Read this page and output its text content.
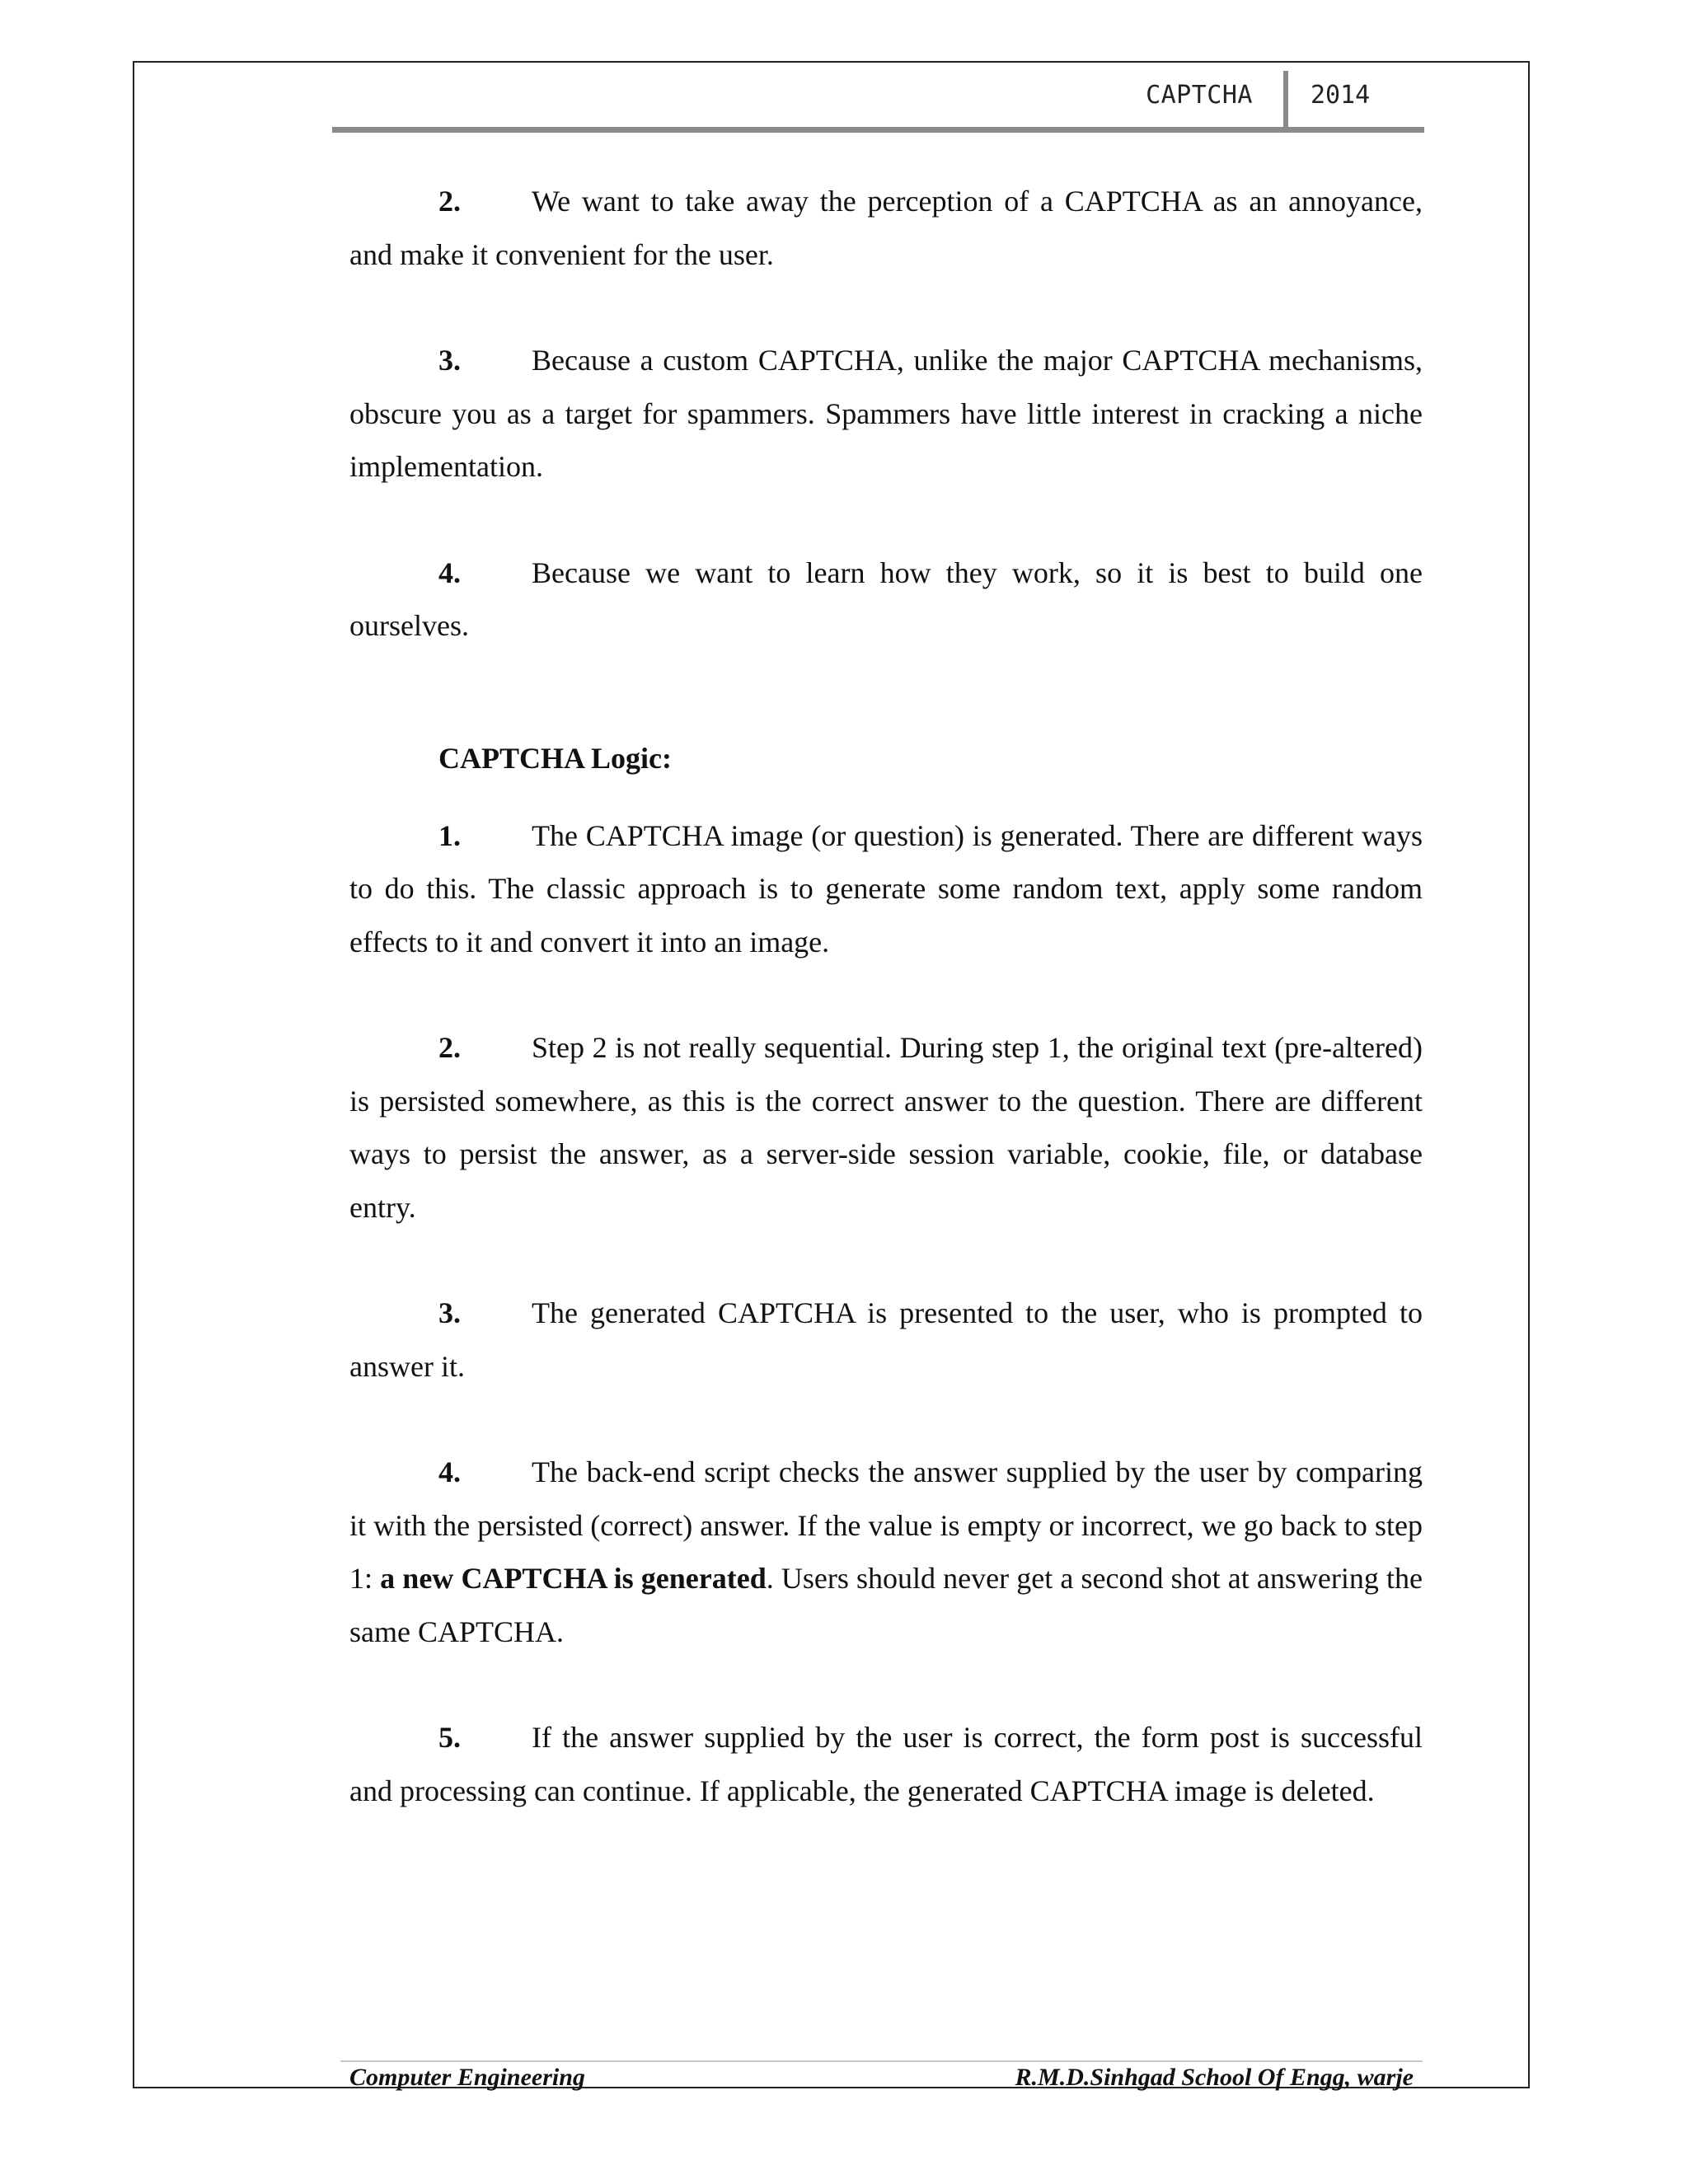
CAPTCHA 2014

2. We want to take away the perception of a CAPTCHA as an annoyance, and make it convenient for the user.

3. Because a custom CAPTCHA, unlike the major CAPTCHA mechanisms, obscure you as a target for spammers. Spammers have little interest in cracking a niche implementation.

4. Because we want to learn how they work, so it is best to build one ourselves.

CAPTCHA Logic:

1. The CAPTCHA image (or question) is generated. There are different ways to do this. The classic approach is to generate some random text, apply some random effects to it and convert it into an image.

2. Step 2 is not really sequential. During step 1, the original text (pre-altered) is persisted somewhere, as this is the correct answer to the question. There are different ways to persist the answer, as a server-side session variable, cookie, file, or database entry.

3. The generated CAPTCHA is presented to the user, who is prompted to answer it.

4. The back-end script checks the answer supplied by the user by comparing it with the persisted (correct) answer. If the value is empty or incorrect, we go back to step 1: a new CAPTCHA is generated. Users should never get a second shot at answering the same CAPTCHA.

5. If the answer supplied by the user is correct, the form post is successful and processing can continue. If applicable, the generated CAPTCHA image is deleted.

Computer Engineering	R.M.D.Sinhgad School Of Engg, warje
